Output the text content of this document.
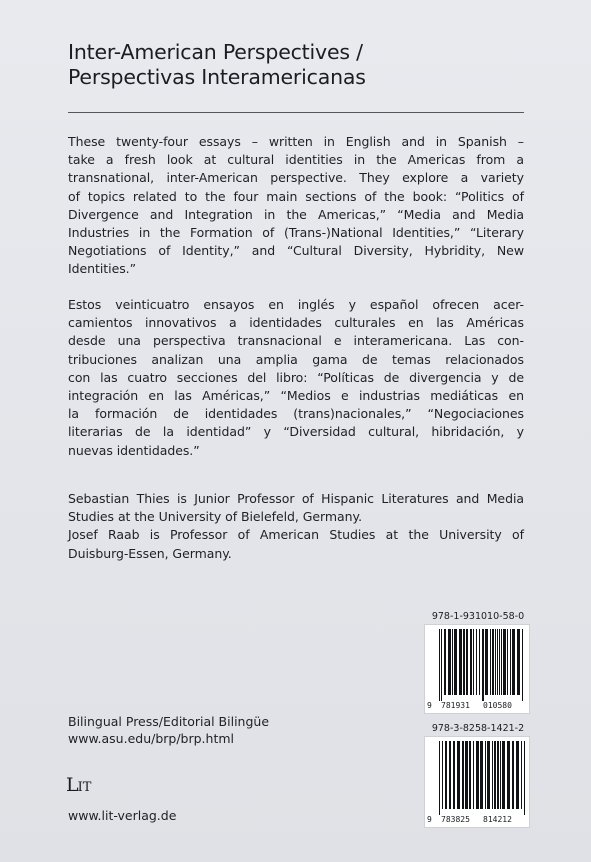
Inter-American Perspectives /
Perspectivas Interamericanas
These twenty-four essays – written in English and in Spanish –
take a fresh look at cultural identities in the Americas from a
transnational, inter-American perspective. They explore a variety
of topics related to the four main sections of the book: “Politics of
Divergence and Integration in the Americas,” “Media and Media
Industries in the Formation of (Trans-)National Identities,” “Literary
Negotiations of Identity,” and “Cultural Diversity, Hybridity, New
Identities.”
Estos veinticuatro ensayos en inglés y español ofrecen acer-
camientos innovativos a identidades culturales en las Américas
desde una perspectiva transnacional e interamericana. Las con-
tribuciones analizan una amplia gama de temas relacionados
con las cuatro secciones del libro: “Políticas de divergencia y de
integración en las Américas,” “Medios e industrias mediáticas en
la formación de identidades (trans)nacionales,” “Negociaciones
literarias de la identidad” y “Diversidad cultural, hibridación, y
nuevas identidades.”
Sebastian Thies is Junior Professor of Hispanic Literatures and Media
Studies at the University of Bielefeld, Germany.
Josef Raab is Professor of American Studies at the University of
Duisburg-Essen, Germany.
978-1-931010-58-0
9 781931 010580
978-3-8258-1421-2
9 783825 814212
Bilingual Press/Editorial Bilingüe
www.asu.edu/brp/brp.html
LIT
www.lit-verlag.de
